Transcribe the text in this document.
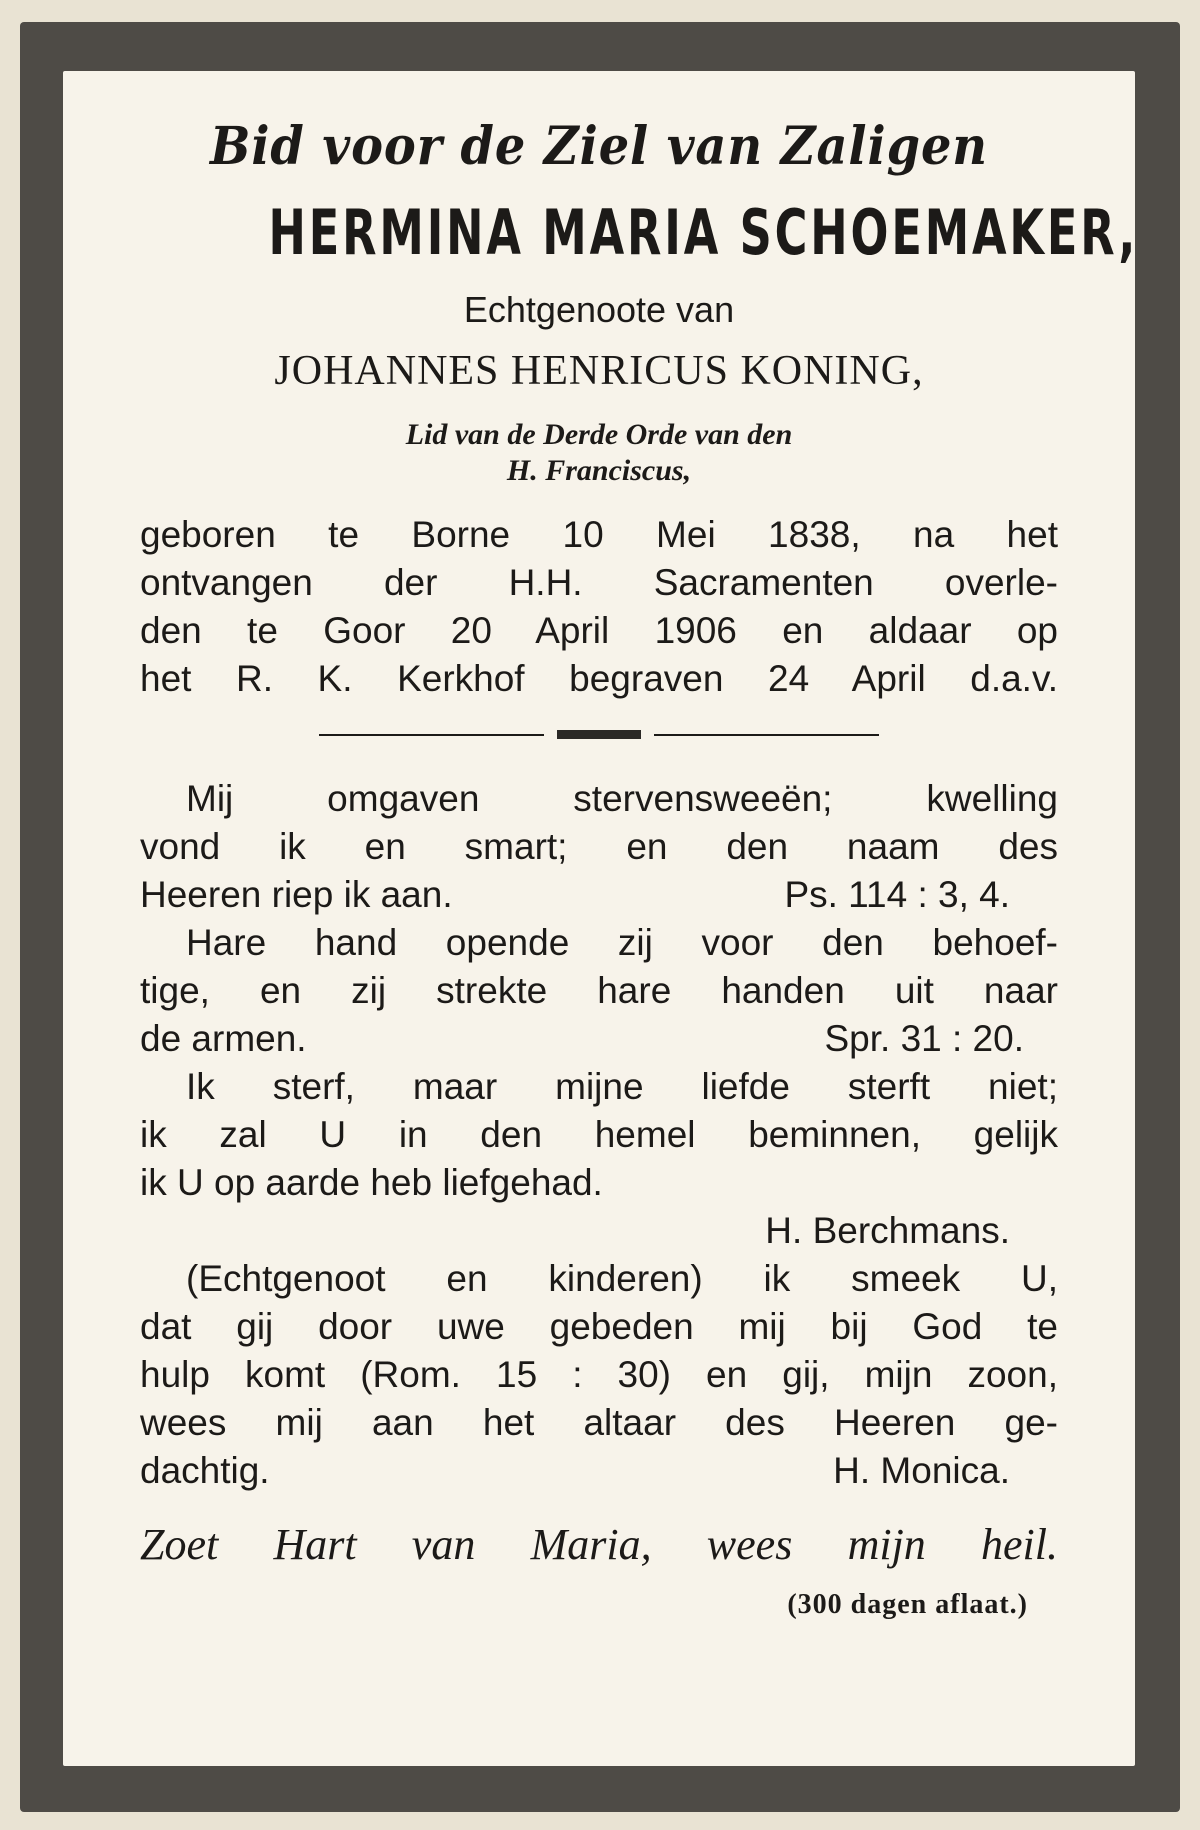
Bid voor de Ziel van Zaligen
HERMINA MARIA SCHOEMAKER,
Echtgenoote van
JOHANNES HENRICUS KONING,
Lid van de Derde Orde van den
H. Franciscus,
geboren te Borne 10 Mei 1838, na het
ontvangen der H.H. Sacramenten overle-
den te Goor 20 April 1906 en aldaar op
het R. K. Kerkhof begraven 24 April d.a.v.
Mij omgaven stervensweeën; kwelling
vond ik en smart; en den naam des
Heeren riep ik aan.	Ps. 114 : 3, 4.
Hare hand opende zij voor den behoef-
tige, en zij strekte hare handen uit naar
de armen.	Spr. 31 : 20.
Ik sterf, maar mijne liefde sterft niet;
ik zal U in den hemel beminnen, gelijk
ik U op aarde heb liefgehad.
H. Berchmans.
(Echtgenoot en kinderen) ik smeek U,
dat gij door uwe gebeden mij bij God te
hulp komt (Rom. 15 : 30) en gij, mijn zoon,
wees mij aan het altaar des Heeren ge-
dachtig.	H. Monica.
Zoet Hart van Maria, wees mijn heil.
(300 dagen aflaat.)
